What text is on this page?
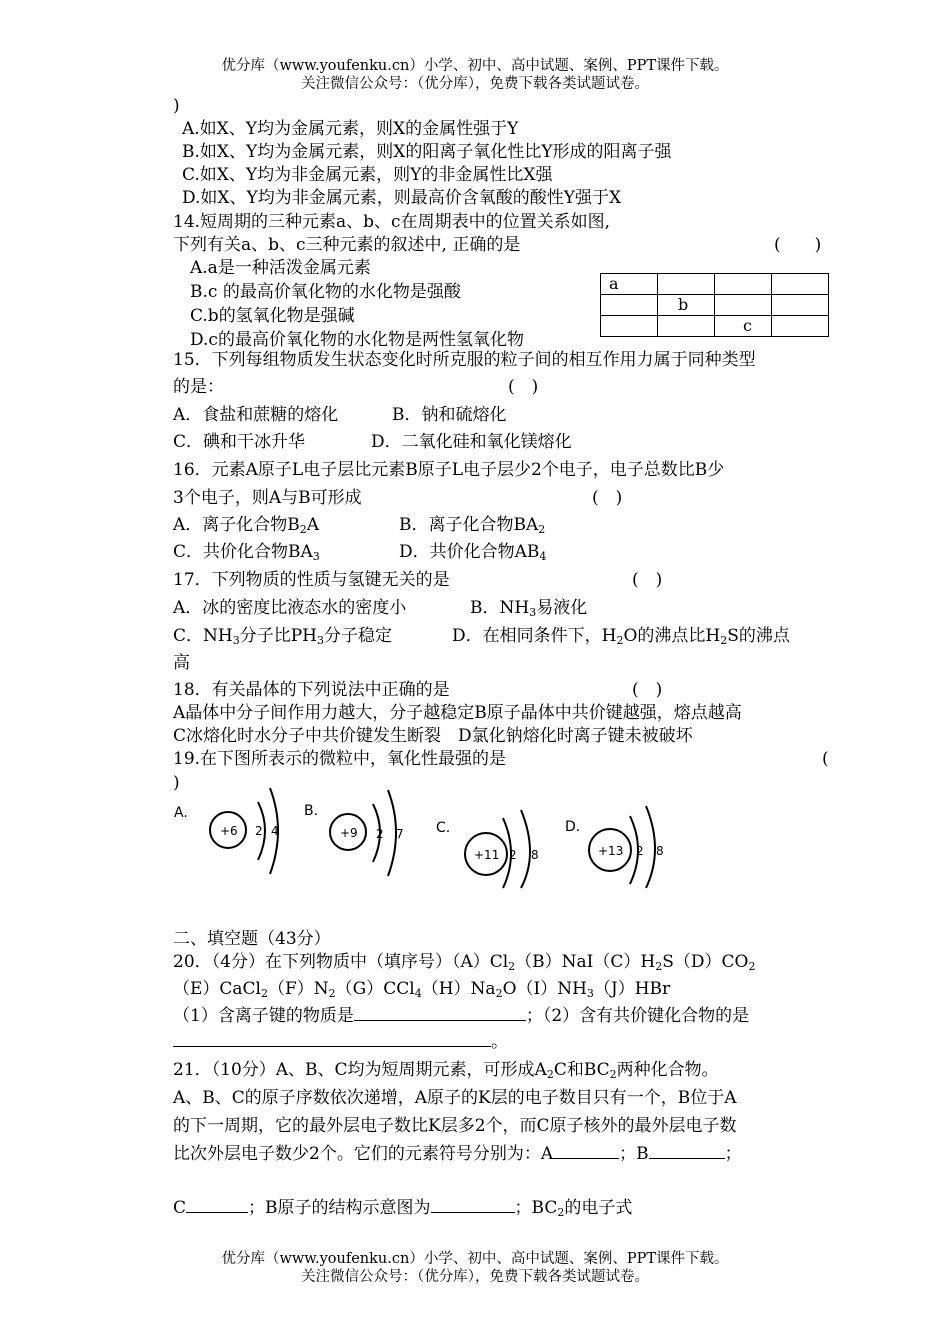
优分库（www.youfenku.cn）小学、初中、高中试题、案例、PPT课件下载。
关注微信公众号：（优分库），免费下载各类试题试卷。
)
A.如X、Y均为金属元素，则X的金属性强于Y
B.如X、Y均为金属元素，则X的阳离子氧化性比Y形成的阳离子强
C.如X、Y均为非金属元素，则Y的非金属性比X强
D.如X、Y均为非金属元素，则最高价含氧酸的酸性Y强于X
14.短周期的三种元素a、b、c在周期表中的位置关系如图,
下列有关a、b、c三种元素的叙述中, 正确的是	(　　)
A.a是一种活泼金属元素
B.c 的最高价氧化物的水化物是强酸
C.b的氢氧化物是强碱
D.c的最高价氧化物的水化物是两性氢氧化物
a			
	b		
		c	
15．下列每组物质发生状态变化时所克服的粒子间的相互作用力属于同种类型
的是：	(　)
A．食盐和蔗糖的熔化	B．钠和硫熔化
C．碘和干冰升华	D．二氧化硅和氧化镁熔化
16．元素A原子L电子层比元素B原子L电子层少2个电子，电子总数比B少
3个电子，则A与B可形成	(　)
A．离子化合物$B_2A$	B．离子化合物$BA_2$
C．共价化合物$BA_3$	D．共价化合物$AB_4$
17．下列物质的性质与氢键无关的是	(　)
A．冰的密度比液态水的密度小	B．$NH_3$易液化
C．$NH_3$分子比$PH_3$分子稳定	D．在相同条件下，$H_2O$的沸点比$H_2S$的沸点
高
18．有关晶体的下列说法中正确的是	(　)
A晶体中分子间作用力越大，分子越稳定B原子晶体中共价键越强，熔点越高
C冰熔化时水分子中共价键发生断裂　D氯化钠熔化时离子键未被破坏
19.在下图所表示的微粒中，氧化性最强的是	(
)
A.
+6 2 4
B.
+9 2 7 C.
+11 2 8
D.
+13 2 8
二、填空题（43分）
20．（4分）在下列物质中（填序号）$(A)Cl_2(B)NaI(C)H_2S(D)CO_2$
$(E)CaCl_2(F)N_2(G)CCl_4(H)Na_2O(I)NH_3(J)HBr$
（1）含离子键的物质是	；（2）含有共价键化合物的是
。
21．（10分）A、B、C均为短周期元素，可形成$A_2C$和$BC_2$两种化合物。
A、B、C的原子序数依次递增，A原子的K层的电子数目只有一个，B位于A
的下一周期，它的最外层电子数比K层多2个，而C原子核外的最外层电子数
比次外层电子数少2个。它们的元素符号分别为：A	；B	；
C	；B原子的结构示意图为	；$BC_2$的电子式
优分库（www.youfenku.cn）小学、初中、高中试题、案例、PPT课件下载。
关注微信公众号：（优分库），免费下载各类试题试卷。
